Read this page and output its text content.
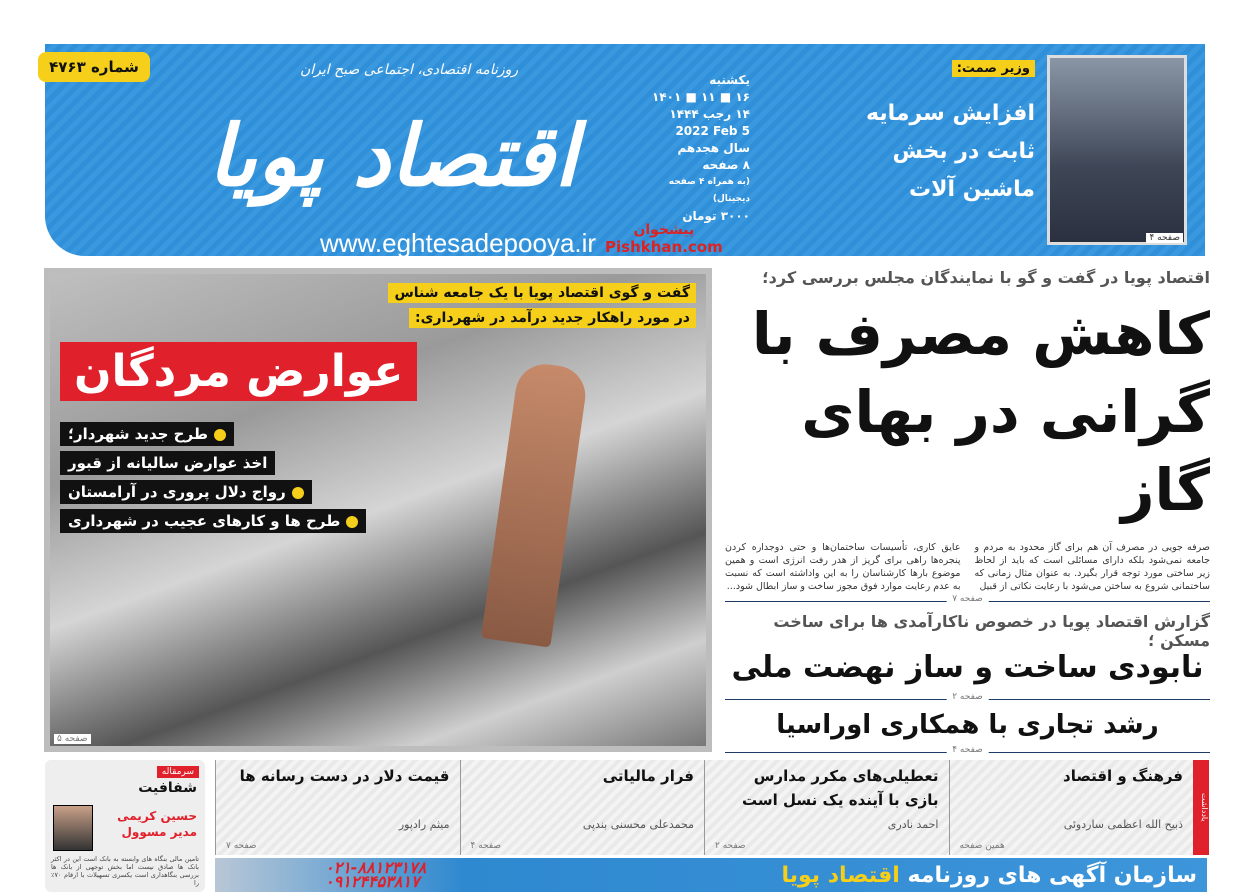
شماره ۴۷۶۳
اقتصاد پویا
روزنامه اقتصادی، اجتماعی صبح ایران
یکشنبه
۱۶ ■ ۱۱ ■ ۱۴۰۱
۱۴ رجب ۱۴۴۴
2022 Feb 5
سال هجدهم
۸ صفحه
(به همراه ۴ صفحه دیجیتال)
۳۰۰۰ تومان
www.eghtesadepooya.ir
وزیر صمت:
افزایش سرمایه ثابت در بخش ماشین آلات
صفحه ۴
گفت و گوی اقتصاد پویا با یک جامعه شناس
در مورد راهکار جدید درآمد در شهرداری:
عوارض مردگان
طرح جدید شهردار؛
اخذ عوارض سالیانه از قبور
رواج دلال پروری در آرامستان
طرح ها و کارهای عجیب در شهرداری
صفحه ۵
پیشخوان
Pishkhan.com
اقتصاد پویا در گفت و گو با نمایندگان مجلس بررسی کرد؛
کاهش مصرف با گرانی در بهای گاز

صرفه جویی در مصرف آن هم برای گاز محدود به مردم و جامعه نمی‌شود بلکه دارای مسائلی است که باید از لحاظ زیر ساختی مورد توجه قرار بگیرد. به عنوان مثال زمانی که ساختمانی شروع به ساختن می‌شود با رعایت نکاتی از قبیل

عایق کاری، تأسیسات ساختمان‌ها و حتی دوجداره کردن پنجره‌ها راهی برای گریز از هدر رفت انرژی است و همین موضوع بارها کارشناسان را به این واداشته است که نسبت به عدم رعایت موارد فوق مجوز ساخت و ساز ابطال شود...

صفحه ۷
گزارش اقتصاد پویا در خصوص ناکارآمدی ها برای ساخت مسکن ؛
نابودی ساخت و ساز نهضت ملی
صفحه ۲
رشد تجاری با همکاری اوراسیا
صفحه ۴
یادداشت
فرهنگ و اقتصاد
ذبیح الله اعظمی ساردوئی
همین صفحه
تعطیلی‌های مکرر مدارس بازی با آینده یک نسل است
احمد نادری
صفحه ۲
فرار مالیاتی
محمدعلی محسنی بندپی
صفحه ۴
قیمت دلار در دست رسانه ها
میثم رادپور
صفحه ۷
سرمقاله
شفافیت
حسین کریمی
مدیر مسوول
تامین مالی بنگاه های وابسته به بانک است این در اکثر بانک ها صادق نیست اما بخش توجهی از بانک ها بررسی بنگاهداری است یکسری تسهیلات با ارقام ۷۰٪ را
۰۲۱-۸۸۱۲۳۱۷۸
۰۹۱۲۴۴۵۳۸۱۷	سازمان آگهی های روزنامه اقتصاد پویا
